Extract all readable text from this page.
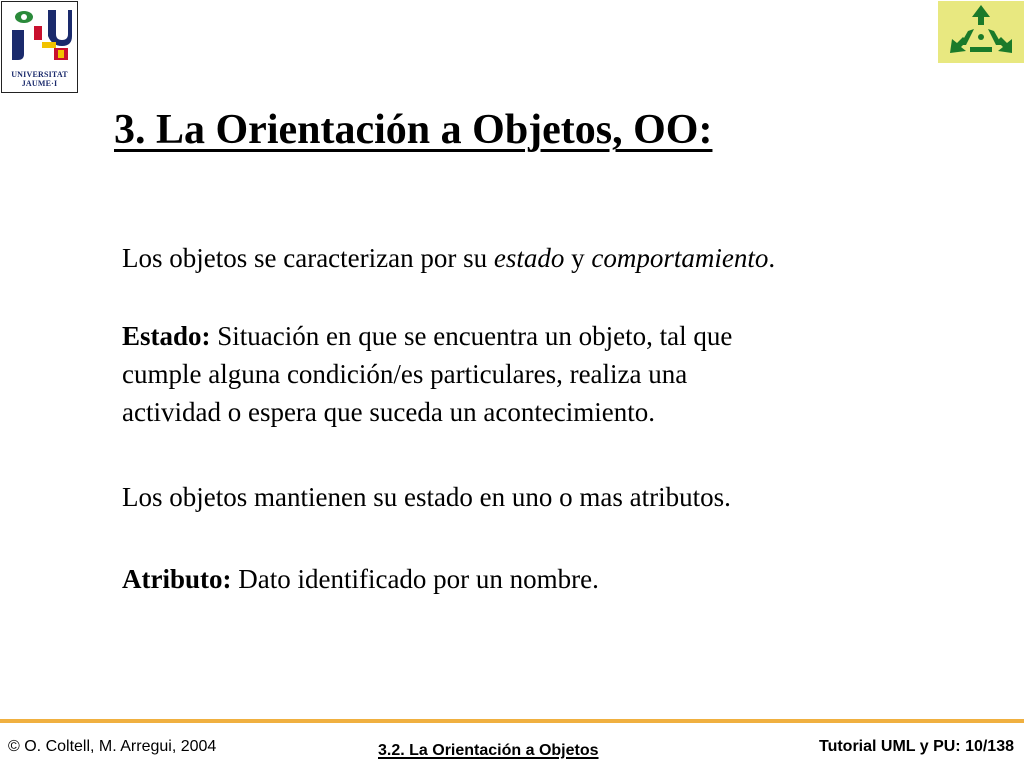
UNIVERSITAT
JAUME·I
3. La Orientación a Objetos, OO:
Los objetos se caracterizan por su estado y comportamiento.
Estado: Situación en que se encuentra un objeto, tal que
cumple alguna condición/es particulares, realiza una
actividad o espera que suceda un acontecimiento.
Los objetos mantienen su estado en uno o mas atributos.
Atributo: Dato identificado por un nombre.
© O. Coltell, M. Arregui, 2004	3.2. La Orientación a Objetos	Tutorial UML y PU: 10/138
